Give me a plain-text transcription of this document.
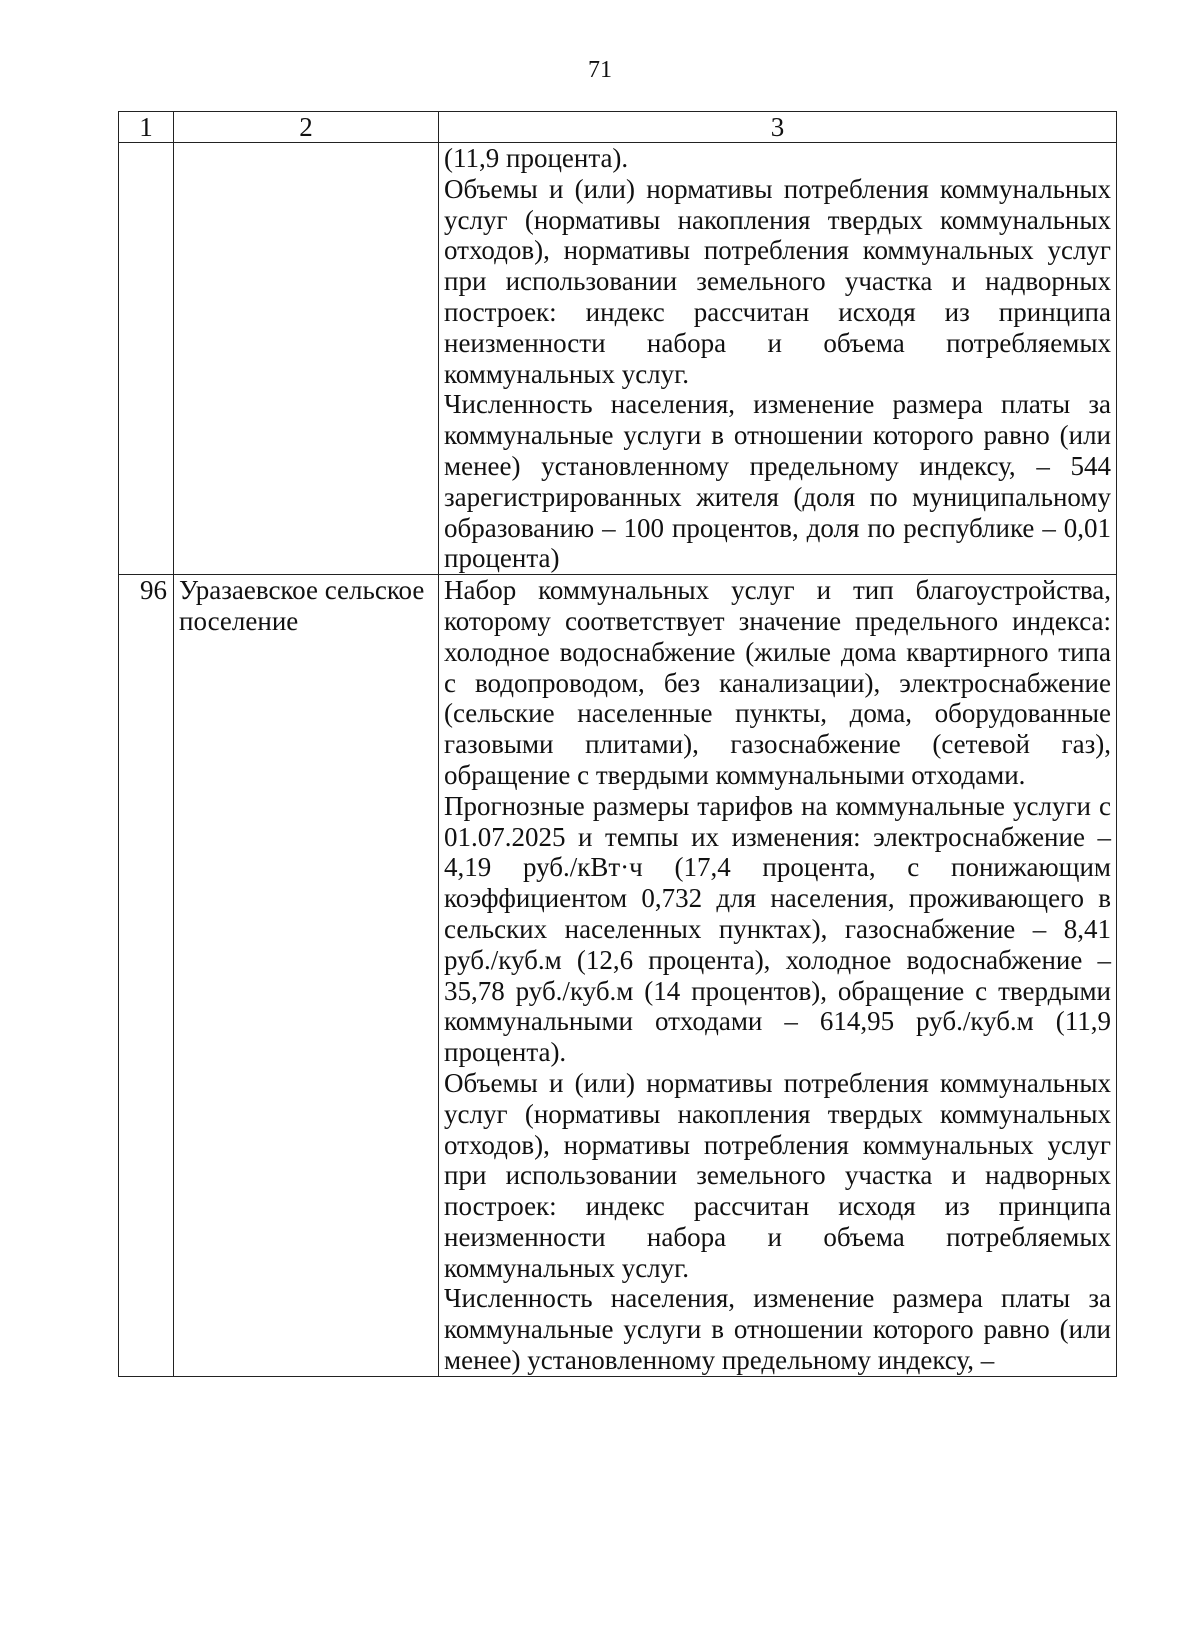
71
1	2	3

		(11,9 процента).
Объемы и (или) нормативы потребления коммунальных услуг (нормативы накопления твердых коммунальных отходов), нормативы потребления коммунальных услуг при использовании земельного участка и надворных построек: индекс рассчитан исходя из принципа неизменности набора и объема потребляемых коммунальных услуг.
Численность населения, изменение размера платы за коммунальные услуги в отношении которого равно (или менее) установленному предельному индексу, – 544 зарегистрированных жителя (доля по муниципальному образованию – 100 процентов, доля по республике – 0,01 процента)

96	Уразаевское сельское поселение	Набор коммунальных услуг и тип благоустройства, которому соответствует значение предельного индекса: холодное водоснабжение (жилые дома квартирного типа с водопроводом, без канализации), электроснабжение (сельские населенные пункты, дома, оборудованные газовыми плитами), газоснабжение (сетевой газ), обращение с твердыми коммунальными отходами.
Прогнозные размеры тарифов на коммунальные услуги с 01.07.2025 и темпы их изменения: электроснабжение – 4,19 руб./кВт·ч (17,4 процента, с понижающим коэффициентом 0,732 для населения, проживающего в сельских населенных пунктах), газоснабжение – 8,41 руб./куб.м (12,6 процента), холодное водоснабжение – 35,78 руб./куб.м (14 процентов), обращение с твердыми коммунальными отходами – 614,95 руб./куб.м (11,9 процента).
Объемы и (или) нормативы потребления коммунальных услуг (нормативы накопления твердых коммунальных отходов), нормативы потребления коммунальных услуг при использовании земельного участка и надворных построек: индекс рассчитан исходя из принципа неизменности набора и объема потребляемых коммунальных услуг.
Численность населения, изменение размера платы за коммунальные услуги в отношении которого равно (или менее) установленному предельному индексу, –
